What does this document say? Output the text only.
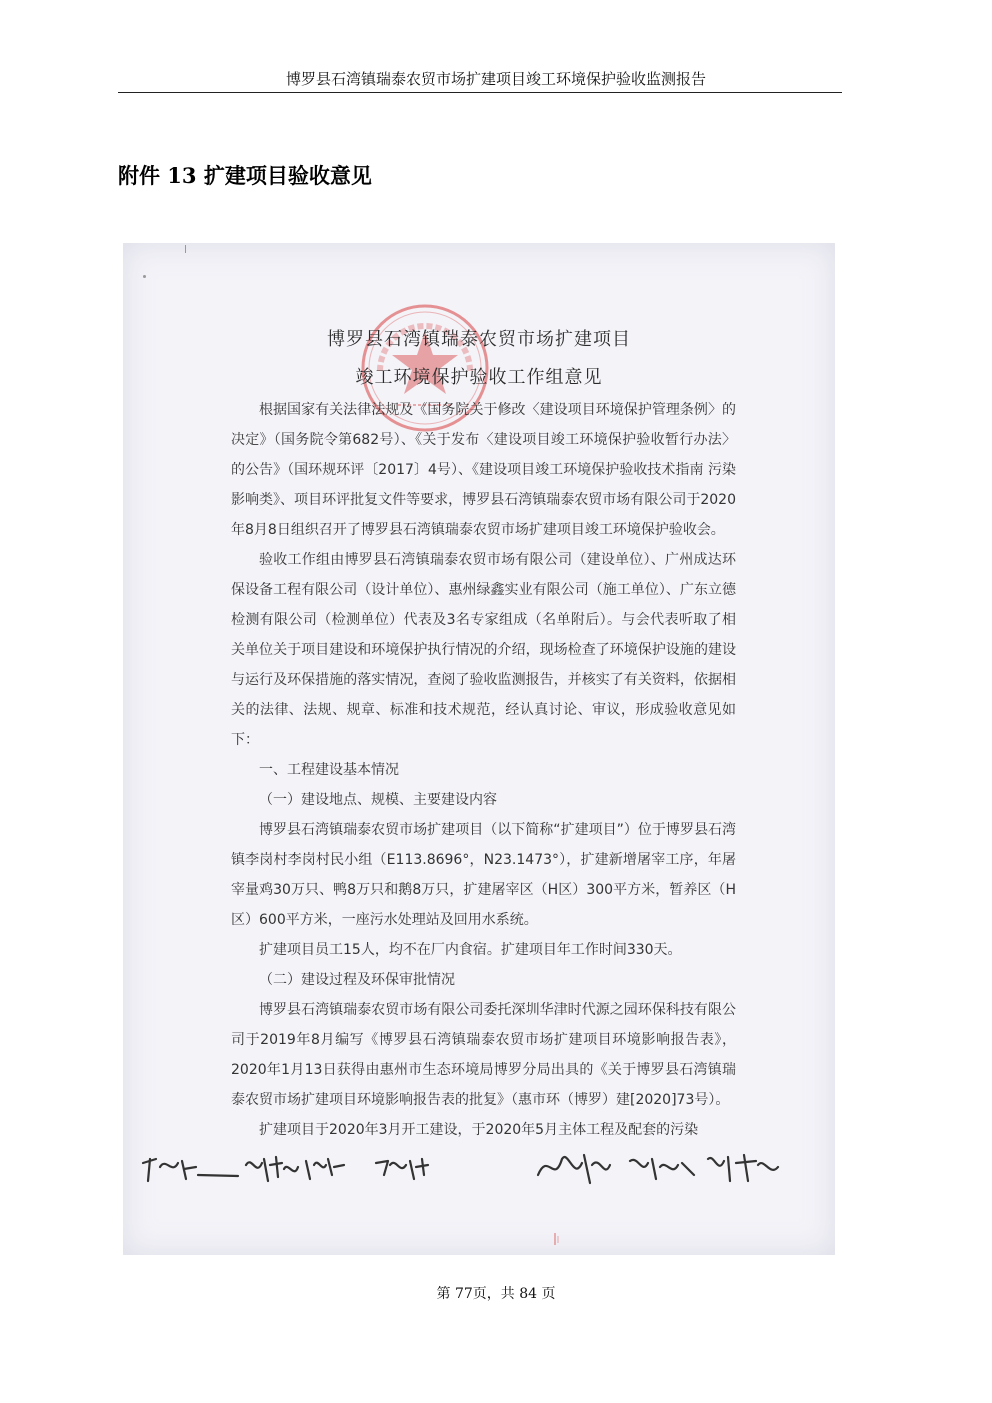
博罗县石湾镇瑞泰农贸市场扩建项目竣工环境保护验收监测报告
附件 13 扩建项目验收意见
博罗县石湾镇瑞泰农贸市场扩建项目
竣工环境保护验收工作组意见

根据国家有关法律法规及《国务院关于修改〈建设项目环境保护管理条例〉的决定》（国务院令第682号）、《关于发布〈建设项目竣工环境保护验收暂行办法〉的公告》（国环规环评〔2017〕4号）、《建设项目竣工环境保护验收技术指南 污染影响类》、项目环评批复文件等要求，博罗县石湾镇瑞泰农贸市场有限公司于2020年8月8日组织召开了博罗县石湾镇瑞泰农贸市场扩建项目竣工环境保护验收会。

验收工作组由博罗县石湾镇瑞泰农贸市场有限公司（建设单位）、广州成达环保设备工程有限公司（设计单位）、惠州绿鑫实业有限公司（施工单位）、广东立德检测有限公司（检测单位）代表及3名专家组成（名单附后）。与会代表听取了相关单位关于项目建设和环境保护执行情况的介绍，现场检查了环境保护设施的建设与运行及环保措施的落实情况，查阅了验收监测报告，并核实了有关资料，依据相关的法律、法规、规章、标准和技术规范，经认真讨论、审议，形成验收意见如下：

一、工程建设基本情况

（一）建设地点、规模、主要建设内容

博罗县石湾镇瑞泰农贸市场扩建项目（以下简称“扩建项目”）位于博罗县石湾镇李岗村李岗村民小组（E113.8696°，N23.1473°），扩建新增屠宰工序，年屠宰量鸡30万只、鸭8万只和鹅8万只，扩建屠宰区（H区）300平方米，暂养区（H区）600平方米，一座污水处理站及回用水系统。

扩建项目员工15人，均不在厂内食宿。扩建项目年工作时间330天。

（二）建设过程及环保审批情况

博罗县石湾镇瑞泰农贸市场有限公司委托深圳华津时代源之园环保科技有限公司于2019年8月编写《博罗县石湾镇瑞泰农贸市场扩建项目环境影响报告表》，2020年1月13日获得由惠州市生态环境局博罗分局出具的《关于博罗县石湾镇瑞泰农贸市场扩建项目环境影响报告表的批复》（惠市环（博罗）建[2020]73号）。

扩建项目于2020年3月开工建设，于2020年5月主体工程及配套的污染

第 77页，共 84 页
